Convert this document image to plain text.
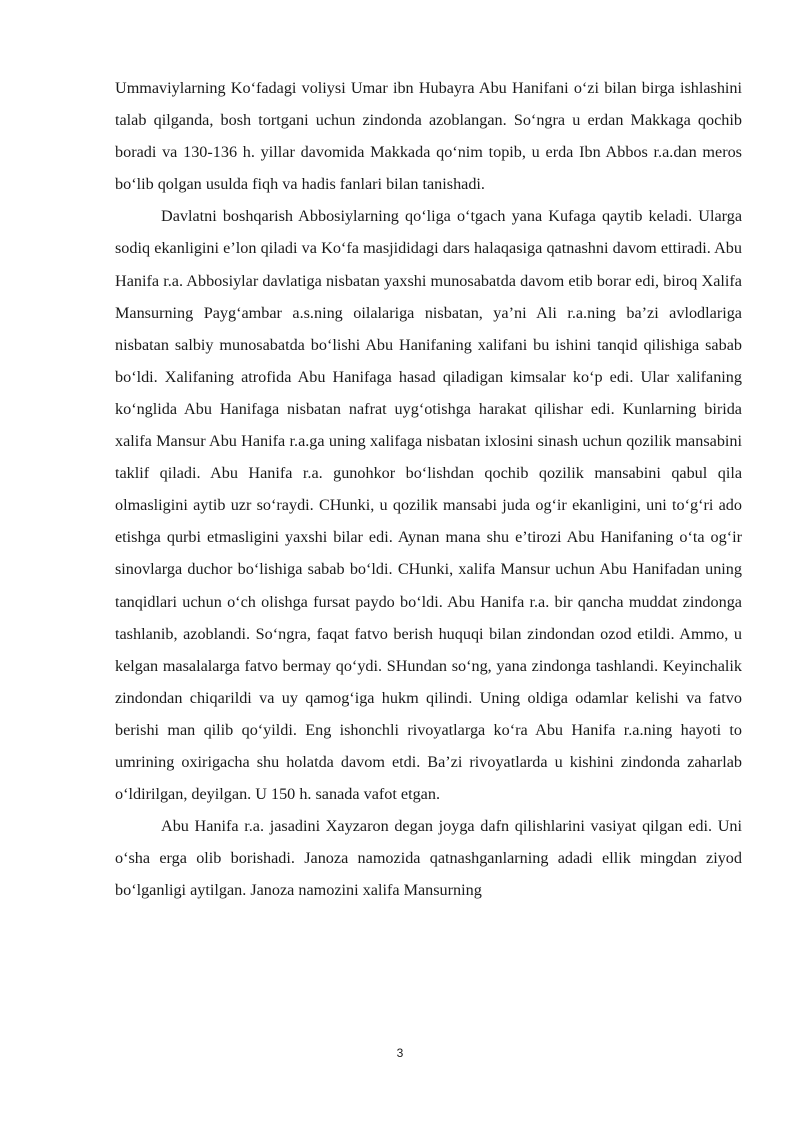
Ummaviylarning Ko‘fadagi voliysi Umar ibn Hubayra Abu Hanifani o‘zi bilan birga ishlashini talab qilganda, bosh tortgani uchun zindonda azoblangan. So‘ngra u erdan Makkaga qochib boradi va 130-136 h. yillar davomida Makkada qo‘nim topib, u erda Ibn Abbos r.a.dan meros bo‘lib qolgan usulda fiqh va hadis fanlari bilan tanishadi.

Davlatni boshqarish Abbosiylarning qo‘liga o‘tgach yana Kufaga qaytib keladi. Ularga sodiq ekanligini e’lon qiladi va Ko‘fa masjididagi dars halaqasiga qatnashni davom ettiradi. Abu Hanifa r.a. Abbosiylar davlatiga nisbatan yaxshi munosabatda davom etib borar edi, biroq Xalifa Mansurning Payg‘ambar a.s.ning oilalariga nisbatan, ya’ni Ali r.a.ning ba’zi avlodlariga nisbatan salbiy munosabatda bo‘lishi Abu Hanifaning xalifani bu ishini tanqid qilishiga sabab bo‘ldi. Xalifaning atrofida Abu Hanifaga hasad qiladigan kimsalar ko‘p edi. Ular xalifaning ko‘nglida Abu Hanifaga nisbatan nafrat uyg‘otishga harakat qilishar edi. Kunlarning birida xalifa Mansur Abu Hanifa r.a.ga uning xalifaga nisbatan ixlosini sinash uchun qozilik mansabini taklif qiladi. Abu Hanifa r.a. gunohkor bo‘lishdan qochib qozilik mansabini qabul qila olmasligini aytib uzr so‘raydi. CHunki, u qozilik mansabi juda og‘ir ekanligini, uni to‘g‘ri ado etishga qurbi etmasligini yaxshi bilar edi. Aynan mana shu e’tirozi Abu Hanifaning o‘ta og‘ir sinovlarga duchor bo‘lishiga sabab bo‘ldi. CHunki, xalifa Mansur uchun Abu Hanifadan uning tanqidlari uchun o‘ch olishga fursat paydo bo‘ldi. Abu Hanifa r.a. bir qancha muddat zindonga tashlanib, azoblandi. So‘ngra, faqat fatvo berish huquqi bilan zindondan ozod etildi. Ammo, u kelgan masalalarga fatvo bermay qo‘ydi. SHundan so‘ng, yana zindonga tashlandi. Keyinchalik zindondan chiqarildi va uy qamog‘iga hukm qilindi. Uning oldiga odamlar kelishi va fatvo berishi man qilib qo‘yildi. Eng ishonchli rivoyatlarga ko‘ra Abu Hanifa r.a.ning hayoti to umrining oxirigacha shu holatda davom etdi. Ba’zi rivoyatlarda u kishini zindonda zaharlab o‘ldirilgan, deyilgan. U 150 h. sanada vafot etgan.

Abu Hanifa r.a. jasadini Xayzaron degan joyga dafn qilishlarini vasiyat qilgan edi. Uni o‘sha erga olib borishadi. Janoza namozida qatnashganlarning adadi ellik mingdan ziyod bo‘lganligi aytilgan. Janoza namozini xalifa Mansurning

3
